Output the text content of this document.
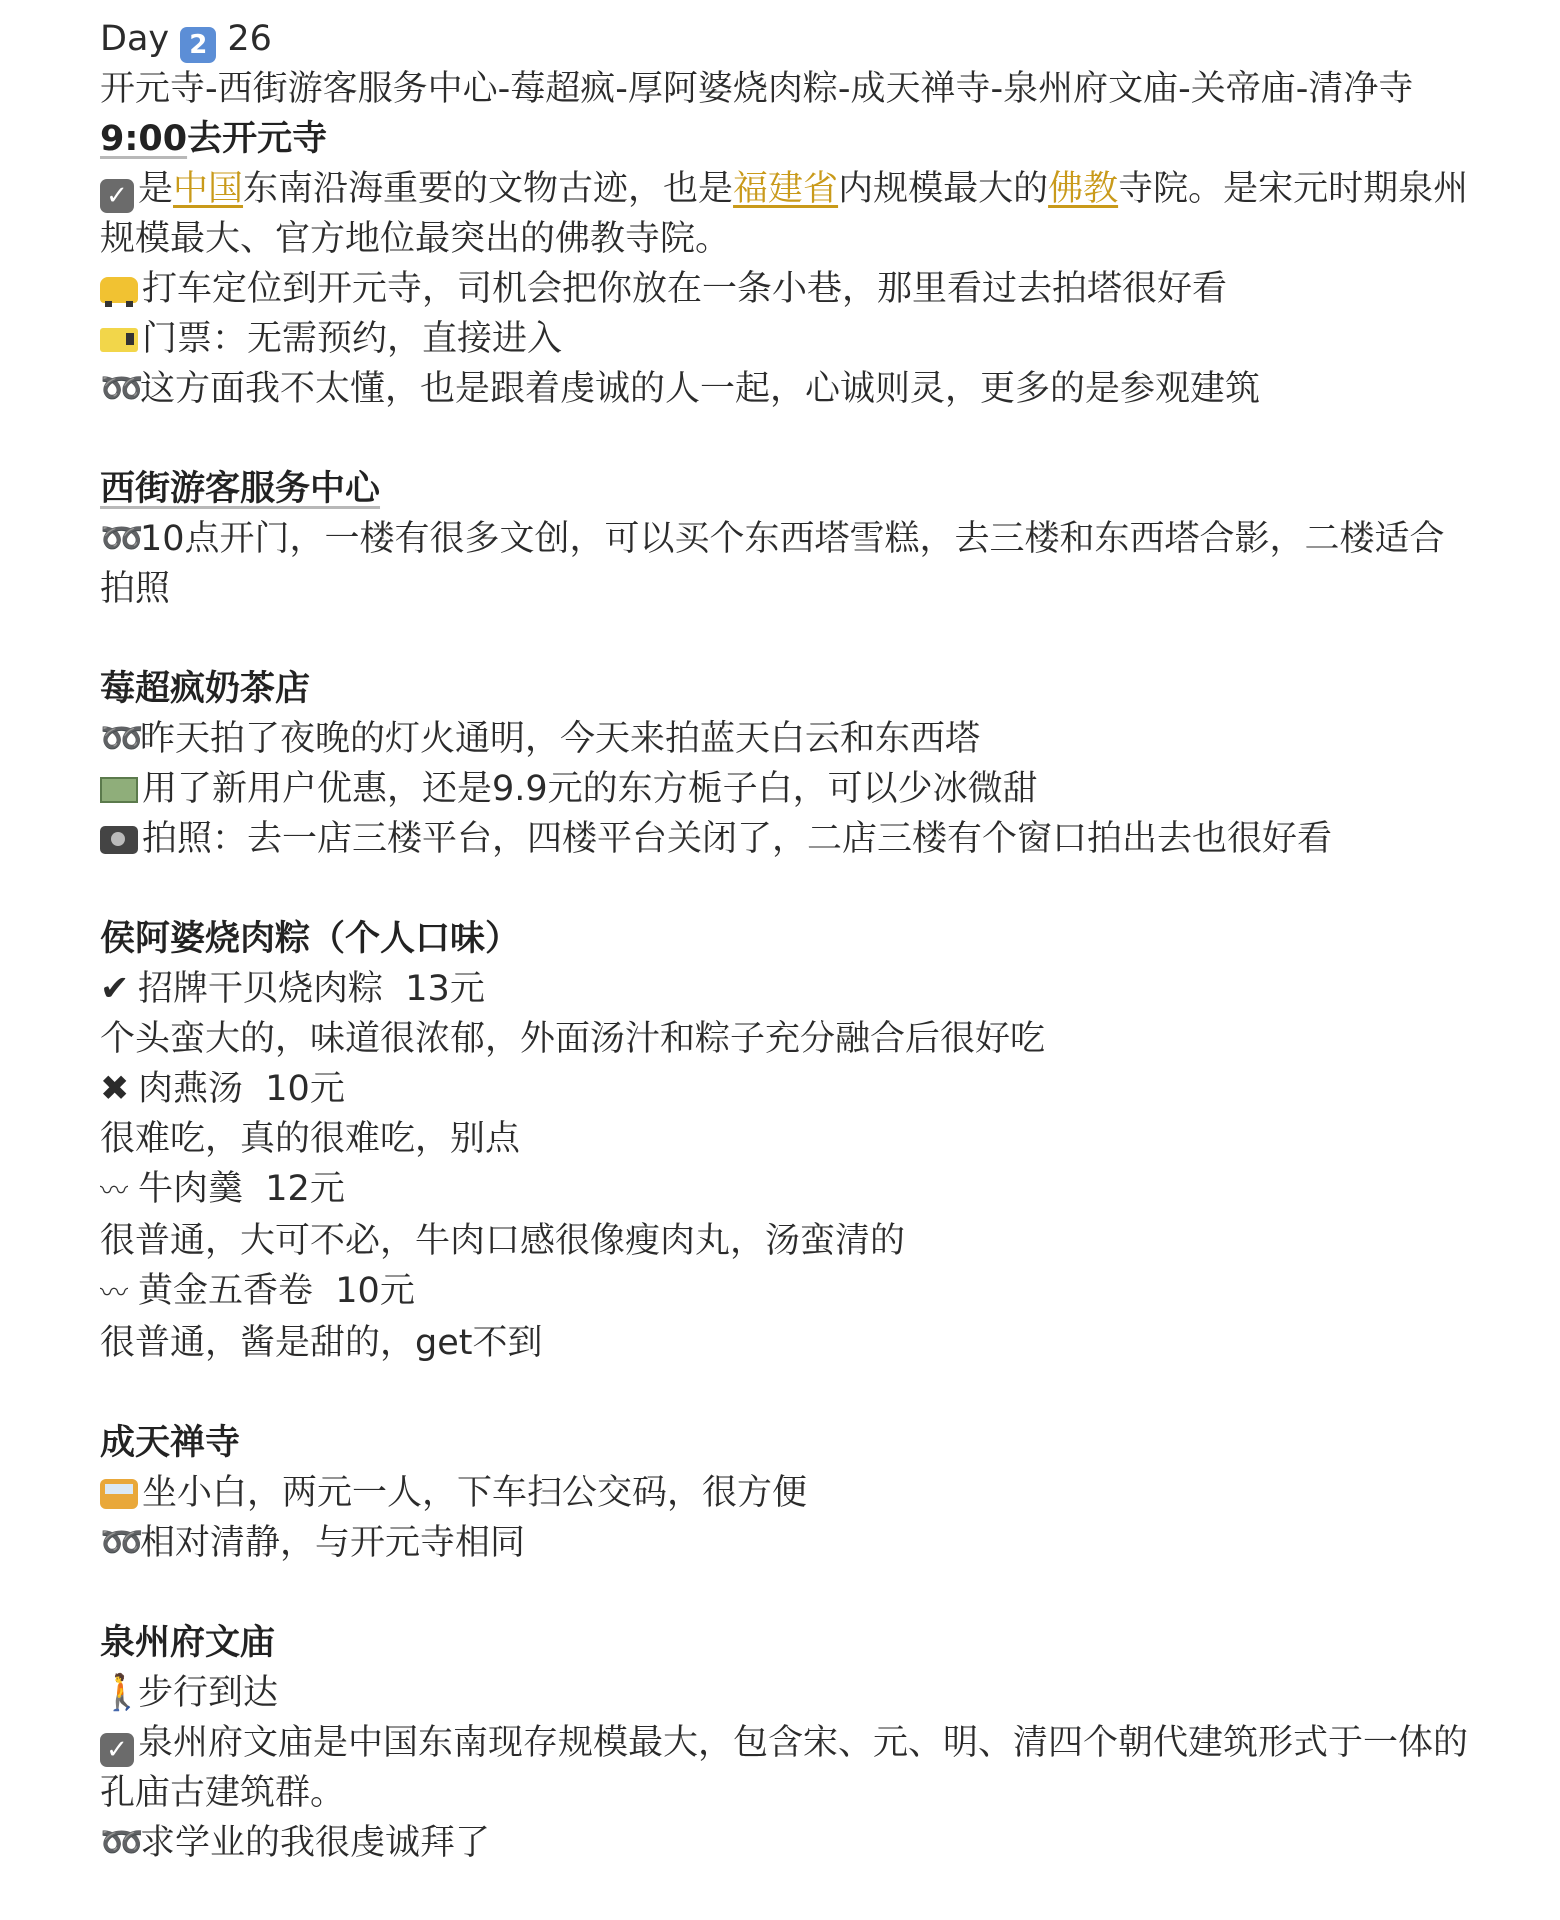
Day 2 26
开元寺-西街游客服务中心-莓超疯-厚阿婆烧肉粽-成天禅寺-泉州府文庙-关帝庙-清净寺
9:00去开元寺
✓ 是中国东南沿海重要的文物古迹，也是福建省内规模最大的佛教寺院。是宋元时期泉州规模最大、官方地位最突出的佛教寺院。
打车定位到开元寺，司机会把你放在一条小巷，那里看过去拍塔很好看
门票：无需预约，直接进入
➿这方面我不太懂，也是跟着虔诚的人一起，心诚则灵，更多的是参观建筑
西街游客服务中心
➿10点开门，一楼有很多文创，可以买个东西塔雪糕，去三楼和东西塔合影，二楼适合拍照
莓超疯奶茶店
➿昨天拍了夜晚的灯火通明，今天来拍蓝天白云和东西塔
用了新用户优惠，还是9.9元的东方栀子白，可以少冰微甜
拍照：去一店三楼平台，四楼平台关闭了，二店三楼有个窗口拍出去也很好看
侯阿婆烧肉粽（个人口味）
✔ 招牌干贝烧肉粽 13元
个头蛮大的，味道很浓郁，外面汤汁和粽子充分融合后很好吃
✖ 肉燕汤 10元
很难吃，真的很难吃，别点
〰 牛肉羹 12元
很普通，大可不必，牛肉口感很像瘦肉丸，汤蛮清的
〰 黄金五香卷 10元
很普通，酱是甜的，get不到
成天禅寺
坐小白，两元一人，下车扫公交码，很方便
➿相对清静，与开元寺相同
泉州府文庙
🚶步行到达
✓ 泉州府文庙是中国东南现存规模最大，包含宋、元、明、清四个朝代建筑形式于一体的孔庙古建筑群。
➿求学业的我很虔诚拜了
